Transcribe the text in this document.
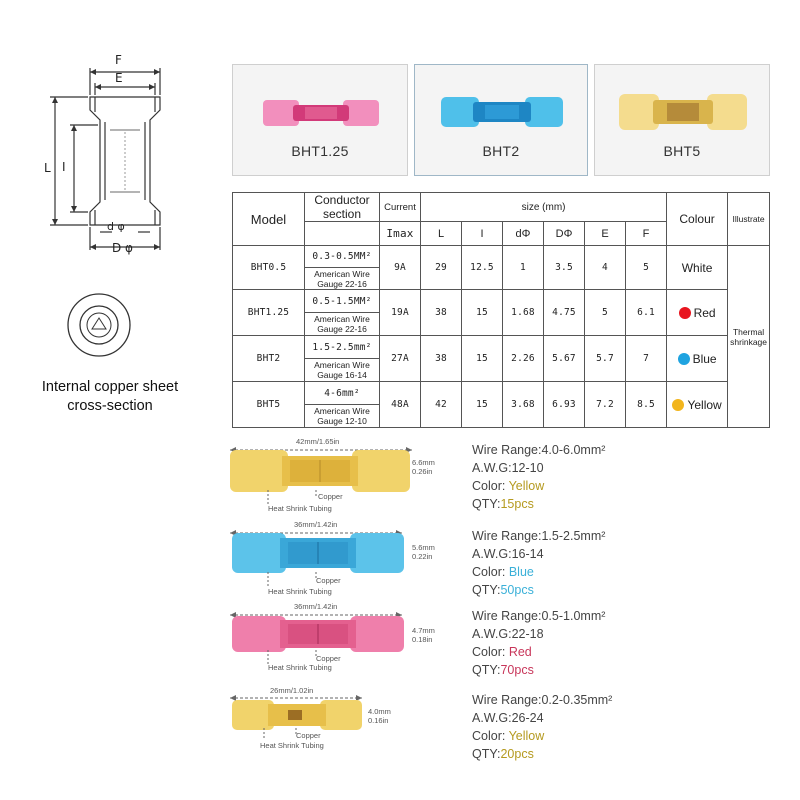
F
E
L I
d φ
D φ
Internal copper sheet
cross-section
BHT1.25	BHT2	BHT5
Model	Conductor
section	Current	size (mm)						Colour	Illustrate
		Imax	L	I	dΦ	DΦ	E	F		
BHT0.5	0.3-0.5MM²	9A	29	12.5	1	3.5	4	5	White	Thermal shrinkage

	American Wire
Gauge 22-16									

BHT1.25	0.5-1.5MM²	19A	38	15	1.68	4.75	5	6.1	Red	

	American Wire
Gauge 22-16									

BHT2	1.5-2.5mm²	27A	38	15	2.26	5.67	5.7	7	Blue	

	American Wire
Gauge 16-14									

BHT5	4-6mm²	48A	42	15	3.68	6.93	7.2	8.5	Yellow	

	American Wire
Gauge 12-10									
42mm/1.65in
6.6mm
0.26in
Copper
Heat Shrink Tubing
Wire Range:4.0-6.0mm²
A.W.G:12-10
Color: Yellow
QTY:15pcs
36mm/1.42in
5.6mm
0.22in
Copper
Heat Shrink Tubing
Wire Range:1.5-2.5mm²
A.W.G:16-14
Color: Blue
QTY:50pcs
36mm/1.42in
4.7mm
0.18in
Copper
Heat Shrink Tubing
Wire Range:0.5-1.0mm²
A.W.G:22-18
Color: Red
QTY:70pcs
26mm/1.02in
4.0mm
0.16in
Copper
Heat Shrink Tubing
Wire Range:0.2-0.35mm²
A.W.G:26-24
Color: Yellow
QTY:20pcs
